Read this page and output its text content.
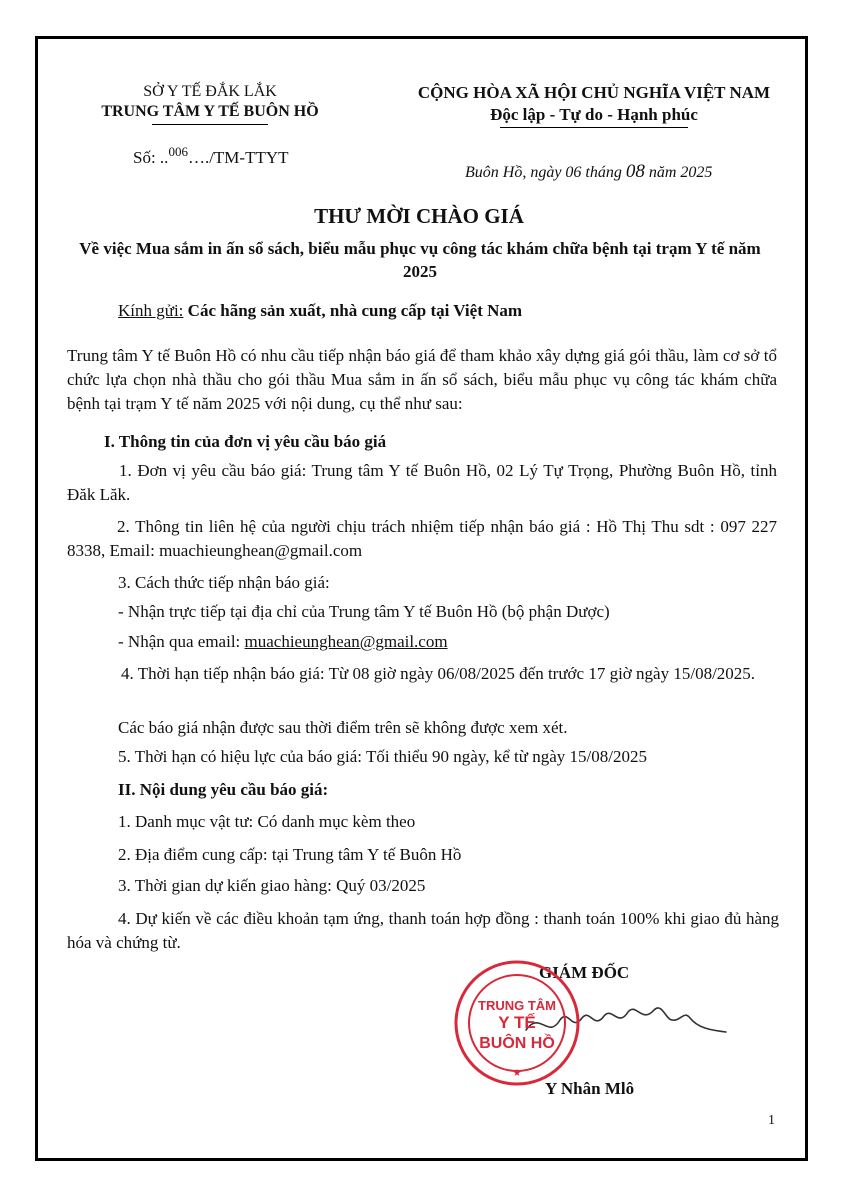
SỞ Y TẾ ĐẮK LẮK
TRUNG TÂM Y TẾ BUÔN HỒ
CỘNG HÒA XÃ HỘI CHỦ NGHĨA VIỆT NAM
Độc lập - Tự do - Hạnh phúc
Số: ..$^{006}$…./TM-TTYT
Buôn Hồ, ngày 06 tháng 08 năm 2025
THƯ MỜI CHÀO GIÁ
Về việc Mua sắm in ấn sổ sách, biểu mẫu phục vụ công tác khám chữa bệnh tại trạm Y tế năm 2025
Kính gửi: Các hãng sản xuất, nhà cung cấp tại Việt Nam
Trung tâm Y tế Buôn Hồ có nhu cầu tiếp nhận báo giá để tham khảo xây dựng giá gói thầu, làm cơ sở tổ chức lựa chọn nhà thầu cho gói thầu Mua sắm in ấn sổ sách, biểu mẫu phục vụ công tác khám chữa bệnh tại trạm Y tế năm 2025 với nội dung, cụ thể như sau:
I. Thông tin của đơn vị yêu cầu báo giá
1. Đơn vị yêu cầu báo giá: Trung tâm Y tế Buôn Hồ, 02 Lý Tự Trọng, Phường Buôn Hồ, tỉnh Đăk Lăk.
2. Thông tin liên hệ của người chịu trách nhiệm tiếp nhận báo giá : Hồ Thị Thu sdt : 097 227 8338, Email: muachieunghean@gmail.com
3. Cách thức tiếp nhận báo giá:
- Nhận trực tiếp tại địa chỉ của Trung tâm Y tế Buôn Hồ (bộ phận Dược)
- Nhận qua email: muachieunghean@gmail.com
4. Thời hạn tiếp nhận báo giá: Từ 08 giờ ngày 06/08/2025 đến trước 17 giờ ngày 15/08/2025.
Các báo giá nhận được sau thời điểm trên sẽ không được xem xét.
5. Thời hạn có hiệu lực của báo giá: Tối thiểu 90 ngày, kể từ ngày 15/08/2025
II. Nội dung yêu cầu báo giá:
1. Danh mục vật tư: Có danh mục kèm theo
2. Địa điểm cung cấp: tại Trung tâm Y tế Buôn Hồ
3. Thời gian dự kiến giao hàng: Quý 03/2025
4. Dự kiến về các điều khoản tạm ứng, thanh toán hợp đồng : thanh toán 100% khi giao đủ hàng hóa và chứng từ.
GIÁM ĐỐC
TRUNG TÂM
Y TẾ
BUÔN HỒ
★
Y Nhân Mlô
1
